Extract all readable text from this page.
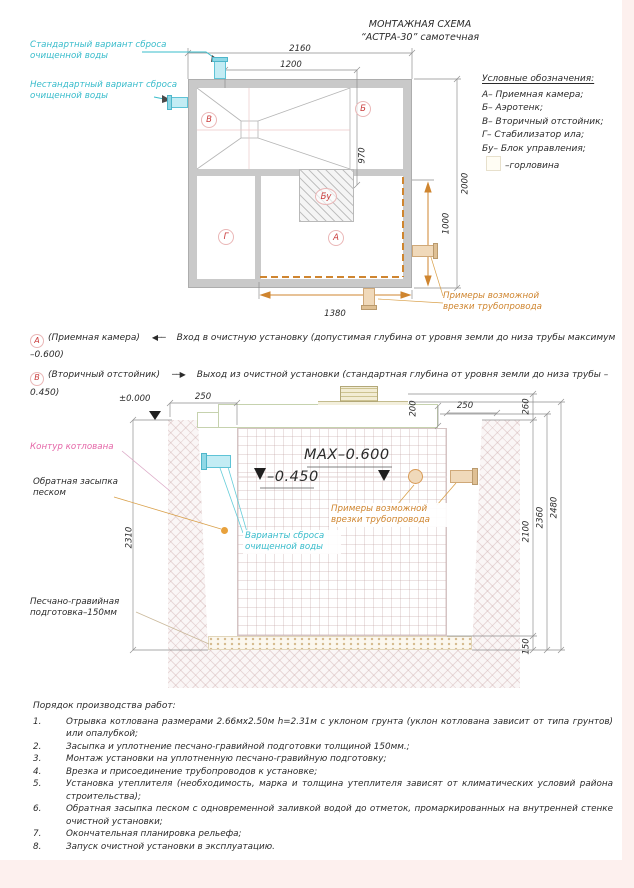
МОНТАЖНАЯ СХЕМА
“АСТРА-30” самотечная
Стандартный вариант сброса очищенной воды
Нестандартный вариант сброса очищенной воды
В
Б
Г	А
Бу
2160
1200
970
2000
1000
1380
Примеры возможной врезки трубопровода
Условные обозначения:
А– Приемная камера;
Б– Аэротенк;
В– Вторичный отстойник;
Г– Стабилизатор ила;
Бу– Блок управления;
–горловина
А (Приемная камера) ◀── Вход в очистную установку (допустимая глубина от уровня земли до низа трубы максимум –0.600)
В (Вторичный отстойник) ──▶ Выход из очистной установки (стандартная глубина от уровня земли до низа трубы –0.450)
±0.000	250
200	250	260
2100
2360 2480
150
2310
МАХ–0.600
–0.450
Контур котлована
Обратная засыпка песком
Песчано-гравийная подготовка–150мм
Примеры возможной врезки трубопровода
Варианты сброса очищенной воды
Порядок производства работ:
1.	Отрывка котлована размерами 2.66мх2.50м h=2.31м с уклоном грунта (уклон котлована зависит от типа грунтов) или опалубкой;
2.	Засыпка и уплотнение песчано-гравийной подготовки толщиной 150мм.;
3.	Монтаж установки на уплотненную песчано-гравийную подготовку;
4.	Врезка и присоединение трубопроводов к установке;
5.	Установка утеплителя (необходимость, марка и толщина утеплителя зависят от климатических условий района строительства);
6.	Обратная засыпка песком с одновременной заливкой водой до отметок, промаркированных на внутренней стенке очистной установки;
7.	Окончательная планировка рельефа;
8.	Запуск очистной установки в эксплуатацию.
